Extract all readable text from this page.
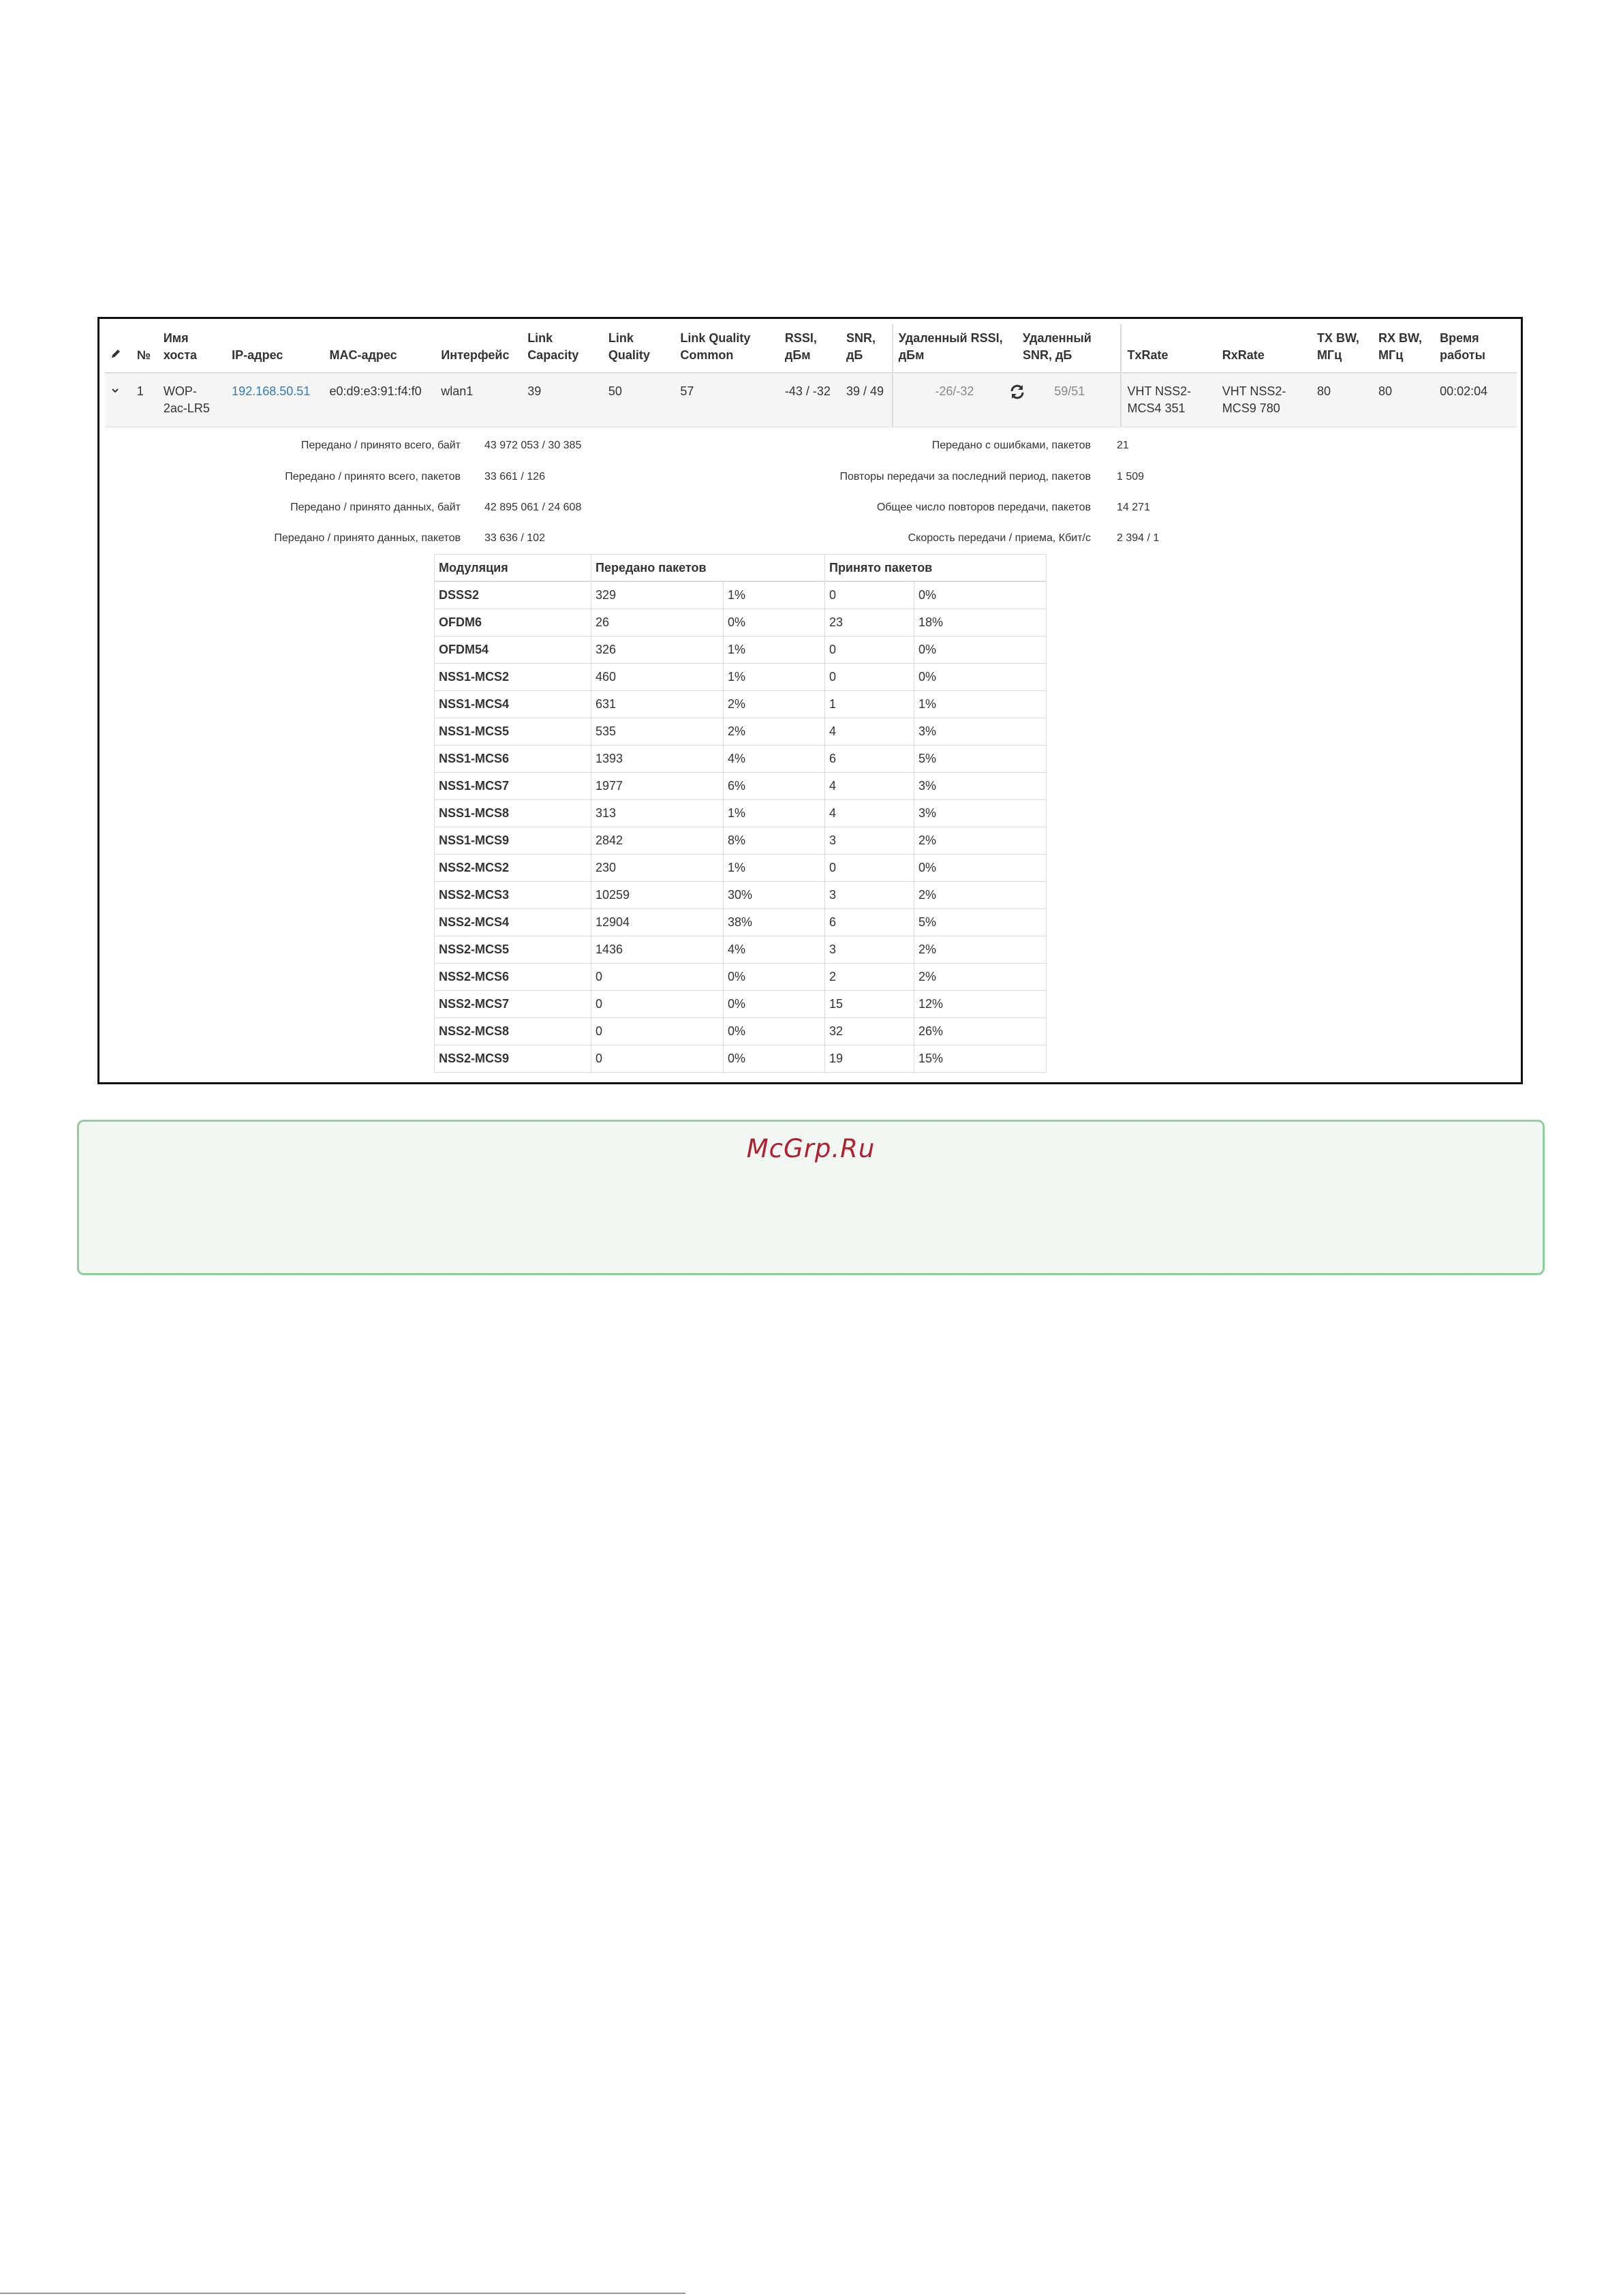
	№	Имя хоста	IP-адрес	MAC-адрес	Интерфейс	Link Capacity	Link Quality	Link Quality Common	RSSI, дБм	SNR, дБ	Удаленный RSSI, дБм	Удаленный SNR, дБ	TxRate	RxRate	TX BW, МГц	RX BW, МГц	Время работы
	1	WOP-2ac-LR5	192.168.50.51	e0:d9:e3:91:f4:f0	wlan1	39	50	57	-43 / -32	39 / 49	-26/-32	59/51	VHT NSS2-MCS4 351	VHT NSS2-MCS9 780	80	80	00:02:04
Передано / принято всего, байт 43 972 053 / 30 385
Передано / принято всего, пакетов 33 661 / 126
Передано / принято данных, байт 42 895 061 / 24 608
Передано / принято данных, пакетов 33 636 / 102
Передано с ошибками, пакетов 21
Повторы передачи за последний период, пакетов 1 509
Общее число повторов передачи, пакетов 14 271
Скорость передачи / приема, Кбит/с 2 394 / 1
Модуляция	Передано пакетов		Принято пакетов	
DSSS2	329	1%	0	0%
OFDM6	26	0%	23	18%
OFDM54	326	1%	0	0%
NSS1-MCS2	460	1%	0	0%
NSS1-MCS4	631	2%	1	1%
NSS1-MCS5	535	2%	4	3%
NSS1-MCS6	1393	4%	6	5%
NSS1-MCS7	1977	6%	4	3%
NSS1-MCS8	313	1%	4	3%
NSS1-MCS9	2842	8%	3	2%
NSS2-MCS2	230	1%	0	0%
NSS2-MCS3	10259	30%	3	2%
NSS2-MCS4	12904	38%	6	5%
NSS2-MCS5	1436	4%	3	2%
NSS2-MCS6	0	0%	2	2%
NSS2-MCS7	0	0%	15	12%
NSS2-MCS8	0	0%	32	26%
NSS2-MCS9	0	0%	19	15%
McGrp.Ru
